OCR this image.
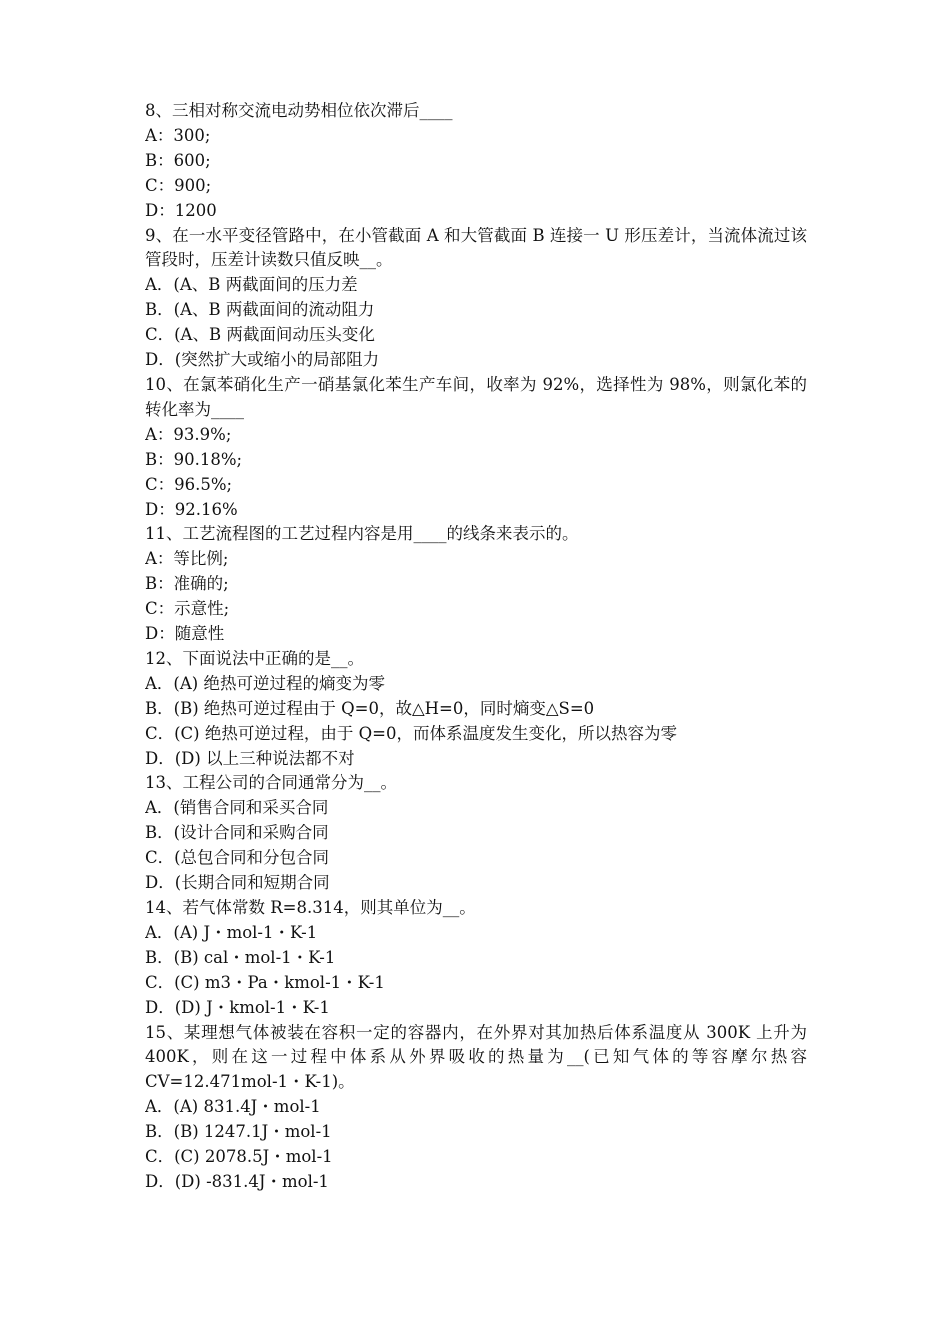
8、三相对称交流电动势相位依次滞后____
A：300;
B：600;
C：900;
D：1200
9、在一水平变径管路中，在小管截面 A 和大管截面 B 连接一 U 形压差计，当流体流过该管段时，压差计读数只值反映__。
A．(A、B 两截面间的压力差
B．(A、B 两截面间的流动阻力
C．(A、B 两截面间动压头变化
D．(突然扩大或缩小的局部阻力
10、在氯苯硝化生产一硝基氯化苯生产车间，收率为 92%，选择性为 98%，则氯化苯的转化率为____
A：93.9%;
B：90.18%;
C：96.5%;
D：92.16%
11、工艺流程图的工艺过程内容是用____的线条来表示的。
A：等比例;
B：准确的;
C：示意性;
D：随意性
12、下面说法中正确的是__。
A．(A) 绝热可逆过程的熵变为零
B．(B) 绝热可逆过程由于 Q=0，故△H=0，同时熵变△S=0
C．(C) 绝热可逆过程，由于 Q=0，而体系温度发生变化，所以热容为零
D．(D) 以上三种说法都不对
13、工程公司的合同通常分为__。
A．(销售合同和采买合同
B．(设计合同和采购合同
C．(总包合同和分包合同
D．(长期合同和短期合同
14、若气体常数 R=8.314，则其单位为__。
A．(A) J・mol-1・K-1
B．(B) cal・mol-1・K-1
C．(C) m3・Pa・kmol-1・K-1
D．(D) J・kmol-1・K-1
15、某理想气体被装在容积一定的容器内，在外界对其加热后体系温度从 300K 上升为 400K，则在这一过程中体系从外界吸收的热量为__(已知气体的等容摩尔热容 CV=12.471mol-1・K-1)。
A．(A) 831.4J・mol-1
B．(B) 1247.1J・mol-1
C．(C) 2078.5J・mol-1
D．(D) -831.4J・mol-1
